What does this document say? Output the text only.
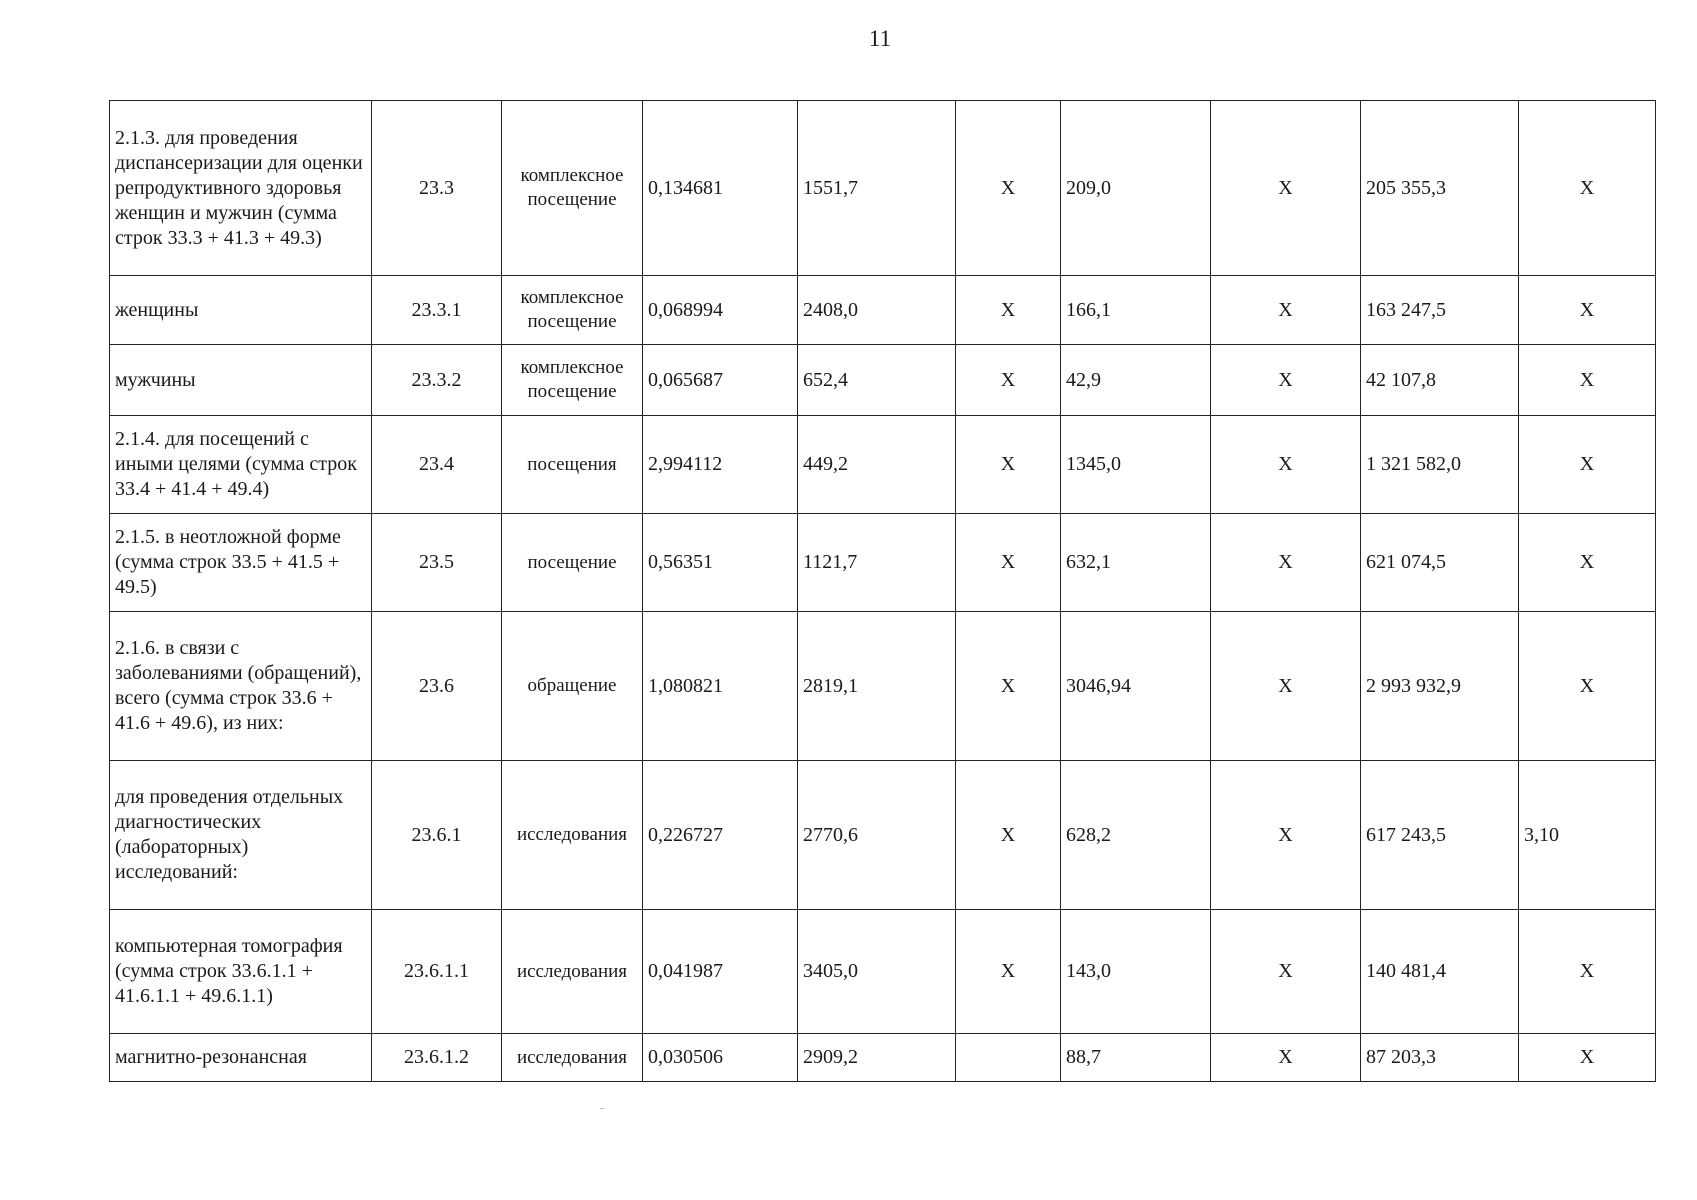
11
2.1.3. для проведения диспансеризации для оценки репродуктивного здоровья женщин и мужчин (сумма строк 33.3 + 41.3 + 49.3)	23.3	комплексное посещение	0,134681	1551,7	X	209,0	X	205 355,3	X
женщины	23.3.1	комплексное посещение	0,068994	2408,0	X	166,1	X	163 247,5	X
мужчины	23.3.2	комплексное посещение	0,065687	652,4	X	42,9	X	42 107,8	X
2.1.4. для посещений с иными целями (сумма строк 33.4 + 41.4 + 49.4)	23.4	посещения	2,994112	449,2	X	1345,0	X	1 321 582,0	X
2.1.5. в неотложной форме (сумма строк 33.5 + 41.5 + 49.5)	23.5	посещение	0,56351	1121,7	X	632,1	X	621 074,5	X
2.1.6. в связи с заболеваниями (обращений), всего (сумма строк 33.6 + 41.6 + 49.6), из них:	23.6	обращение	1,080821	2819,1	X	3046,94	X	2 993 932,9	X
для проведения отдельных диагностических (лабораторных) исследований:	23.6.1	исследования	0,226727	2770,6	X	628,2	X	617 243,5	3,10
компьютерная томография (сумма строк 33.6.1.1 + 41.6.1.1 + 49.6.1.1)	23.6.1.1	исследования	0,041987	3405,0	X	143,0	X	140 481,4	X
магнитно-резонансная	23.6.1.2	исследования	0,030506	2909,2		88,7	X	87 203,3	X
